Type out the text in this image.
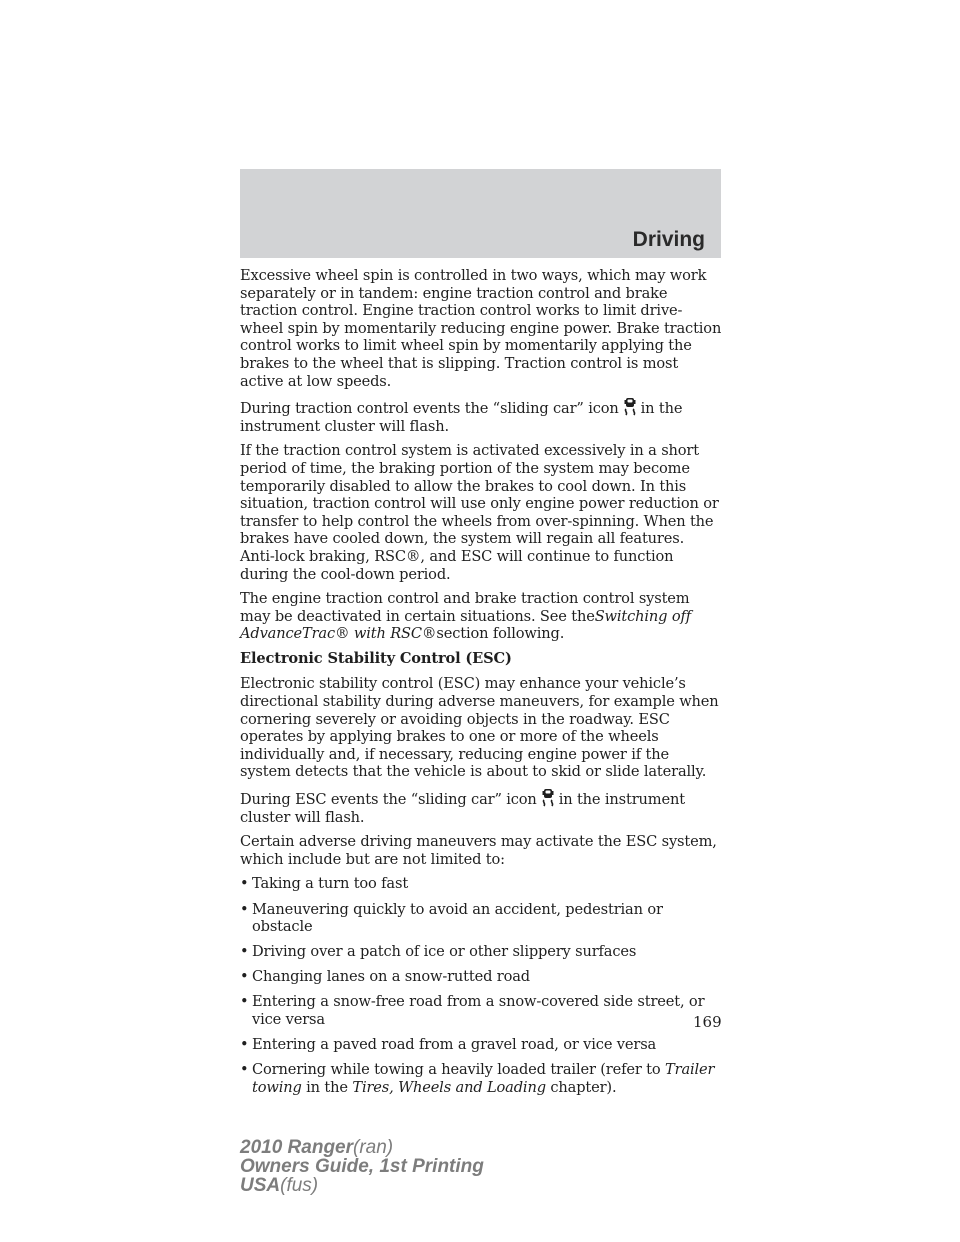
Driving

Excessive wheel spin is controlled in two ways, which may work separately or in tandem: engine traction control and brake traction control. Engine traction control works to limit drive-wheel spin by momentarily reducing engine power. Brake traction control works to limit wheel spin by momentarily applying the brakes to the wheel that is slipping. Traction control is most active at low speeds.

During traction control events the “sliding car” icon in the instrument cluster will flash.

If the traction control system is activated excessively in a short period of time, the braking portion of the system may become temporarily disabled to allow the brakes to cool down. In this situation, traction control will use only engine power reduction or transfer to help control the wheels from over-spinning. When the brakes have cooled down, the system will regain all features. Anti-lock braking, RSC®, and ESC will continue to function during the cool-down period.

The engine traction control and brake traction control system may be deactivated in certain situations. See theSwitching off AdvanceTrac® with RSC®section following.

Electronic Stability Control (ESC)

Electronic stability control (ESC) may enhance your vehicle’s directional stability during adverse maneuvers, for example when cornering severely or avoiding objects in the roadway. ESC operates by applying brakes to one or more of the wheels individually and, if necessary, reducing engine power if the system detects that the vehicle is about to skid or slide laterally.

During ESC events the “sliding car” icon in the instrument cluster will flash.

Certain adverse driving maneuvers may activate the ESC system, which include but are not limited to:

• Taking a turn too fast
• Maneuvering quickly to avoid an accident, pedestrian or obstacle
• Driving over a patch of ice or other slippery surfaces
• Changing lanes on a snow-rutted road
• Entering a snow-free road from a snow-covered side street, or vice versa
• Entering a paved road from a gravel road, or vice versa
• Cornering while towing a heavily loaded trailer (refer to Trailer towing in the Tires, Wheels and Loading chapter).
169
2010 Ranger(ran)
Owners Guide, 1st Printing
USA(fus)
